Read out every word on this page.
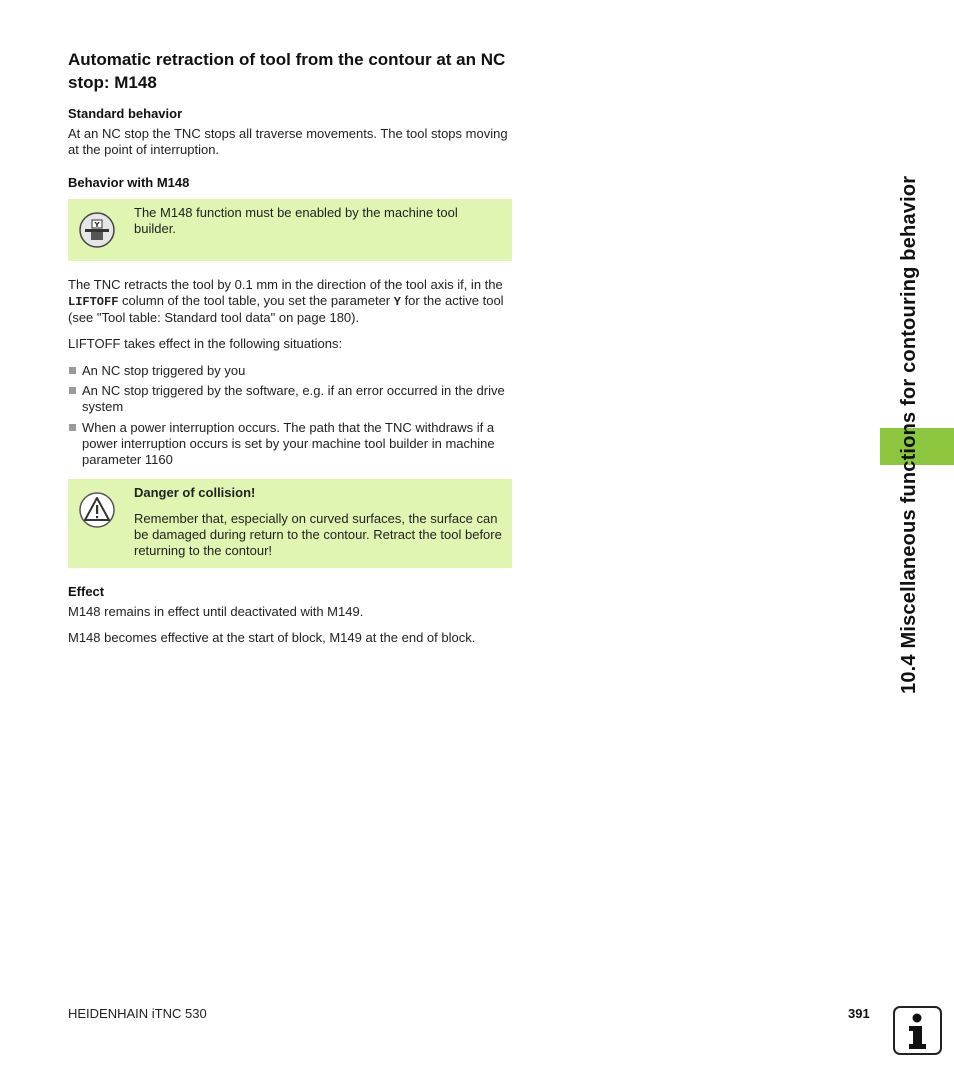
Automatic retraction of tool from the contour at an NC stop: M148
Standard behavior

At an NC stop the TNC stops all traverse movements. The tool stops moving at the point of interruption.

Behavior with M148
Y

The M148 function must be enabled by the machine tool builder.

The TNC retracts the tool by 0.1 mm in the direction of the tool axis if, in the LIFTOFF column of the tool table, you set the parameter Y for the active tool (see "Tool table: Standard tool data" on page 180).

LIFTOFF takes effect in the following situations:

An NC stop triggered by you
An NC stop triggered by the software, e.g. if an error occurred in the drive system
When a power interruption occurs. The path that the TNC withdraws if a power interruption occurs is set by your machine tool builder in machine parameter 1160

Danger of collision!

Remember that, especially on curved surfaces, the surface can be damaged during return to the contour. Retract the tool before returning to the contour!

Effect

M148 remains in effect until deactivated with M149.

M148 becomes effective at the start of block, M149 at the end of block.	10.4 Miscellaneous functions for contouring behavior
HEIDENHAIN iTNC 530	391
